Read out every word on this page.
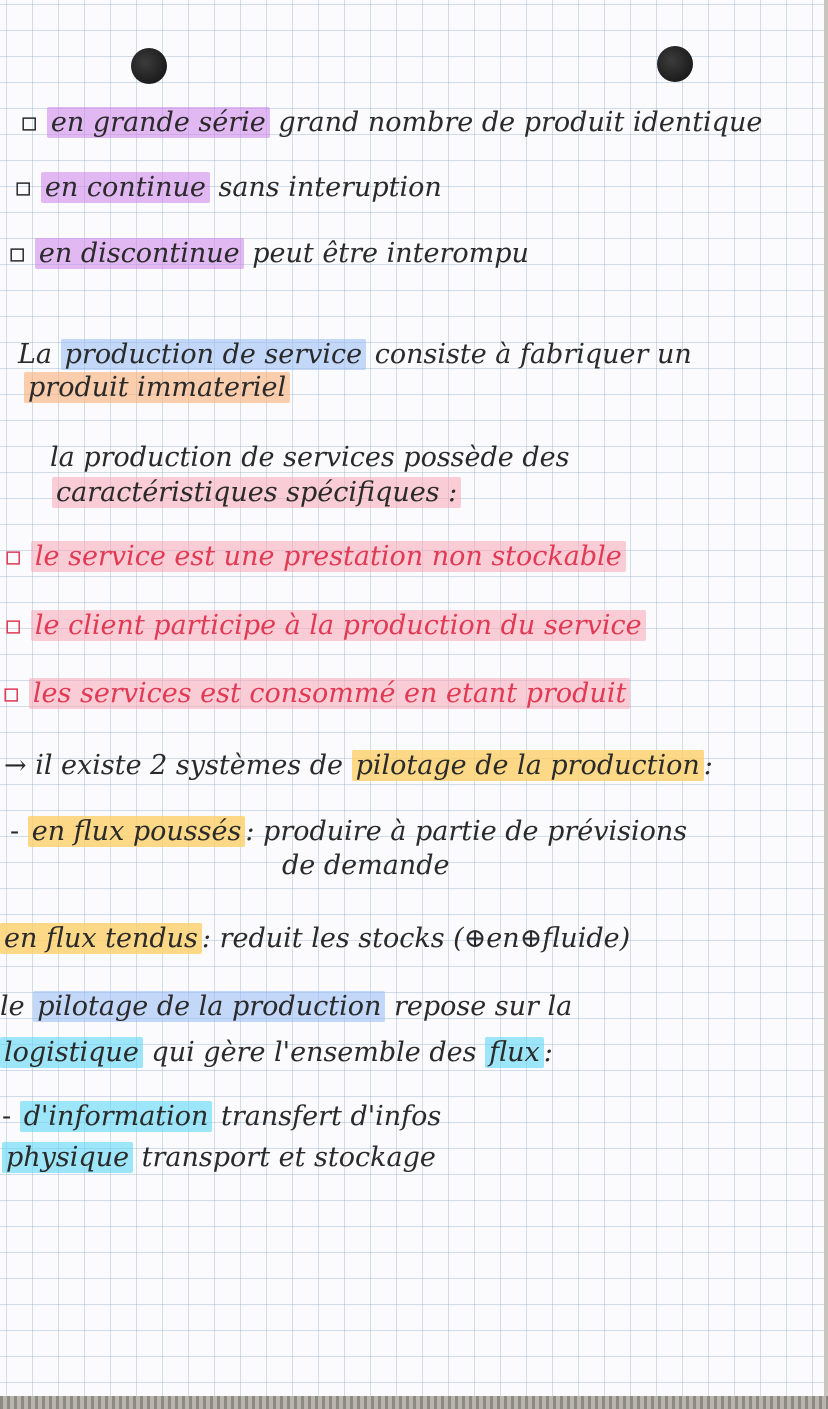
▫ en grande série grand nombre de produit identique
▫ en continue sans interuption
▫ en discontinue peut être interompu
La production de service consiste à fabriquer un
produit immateriel
la production de services possède des
caractéristiques spécifiques :
▫ le service est une prestation non stockable
▫ le client participe à la production du service
▫ les services est consommé en etant produit
→ il existe 2 systèmes de pilotage de la production :
- en flux poussés : produire à partie de prévisions
de demande
en flux tendus : reduit les stocks (⊕en⊕fluide)
le pilotage de la production repose sur la
logistique qui gère l'ensemble des flux :
- d'information transfert d'infos
physique transport et stockage
